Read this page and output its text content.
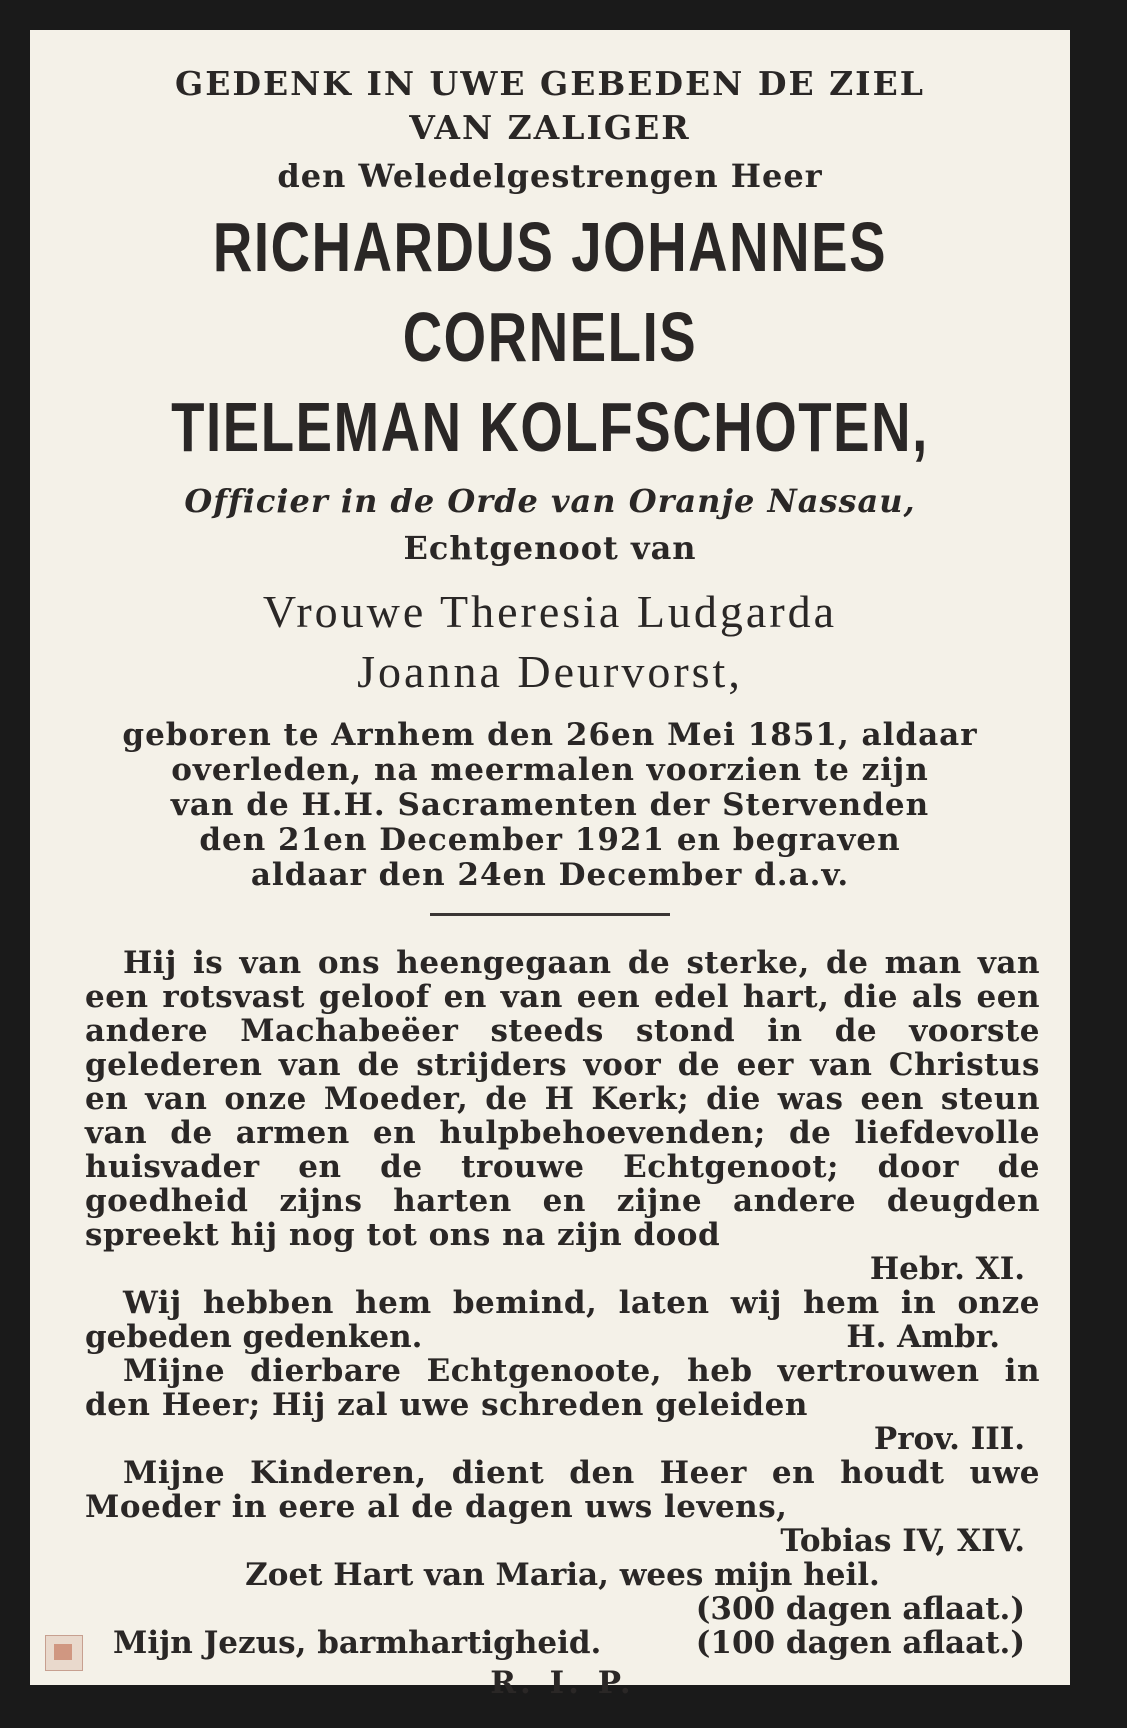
GEDENK IN UWE GEBEDEN DE ZIEL
VAN ZALIGER
den Weledelgestrengen Heer
RICHARDUS JOHANNES CORNELIS
TIELEMAN KOLFSCHOTEN,
Officier in de Orde van Oranje Nassau,
Echtgenoot van
Vrouwe Theresia Ludgarda
Joanna Deurvorst,
geboren te Arnhem den 26en Mei 1851, aldaar
overleden, na meermalen voorzien te zijn
van de H.H. Sacramenten der Stervenden
den 21en December 1921 en begraven
aldaar den 24en December d.a.v.
Hij is van ons heengegaan de sterke, de man van een rotsvast geloof en van een edel hart, die als een andere Machabeëer steeds stond in de voorste gelederen van de strijders voor de eer van Christus en van onze Moeder, de H Kerk; die was een steun van de armen en hulpbehoevenden; de liefdevolle huisvader en de trouwe Echtgenoot; door de goedheid zijns harten en zijne andere deugden spreekt hij nog tot ons na zijn dood
Hebr. XI.
Wij hebben hem bemind, laten wij hem in onze
gebeden gedenken.	H. Ambr.
Mijne dierbare Echtgenoote, heb vertrouwen in den Heer; Hij zal uwe schreden geleiden
Prov. III.
Mijne Kinderen, dient den Heer en houdt uwe Moeder in eere al de dagen uws levens,
Tobias IV, XIV.
Zoet Hart van Maria, wees mijn heil.
(300 dagen aflaat.)
Mijn Jezus, barmhartigheid.	(100 dagen aflaat.)
R. I. P.
